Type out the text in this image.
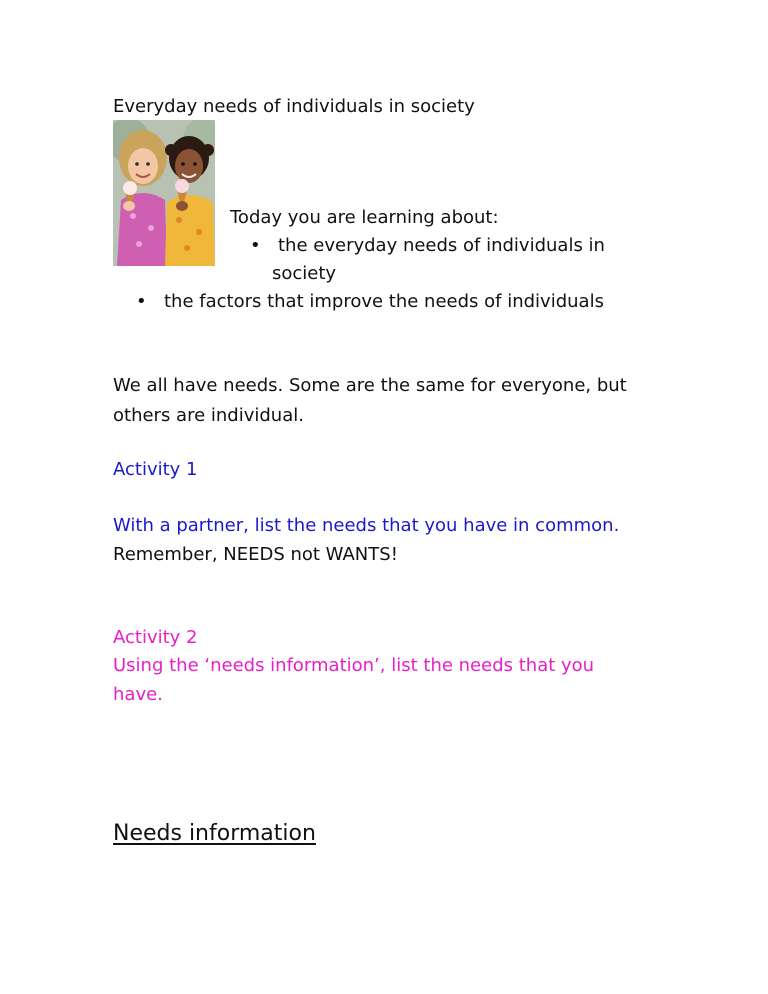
Everyday needs of individuals in society
Today you are learning about:
• the everyday needs of individuals in
society
• the factors that improve the needs of individuals
We all have needs. Some are the same for everyone, but
others are individual.
Activity 1
With a partner, list the needs that you have in common.
Remember, NEEDS not WANTS!
Activity 2
Using the ‘needs information’, list the needs that you
have.
Needs information
